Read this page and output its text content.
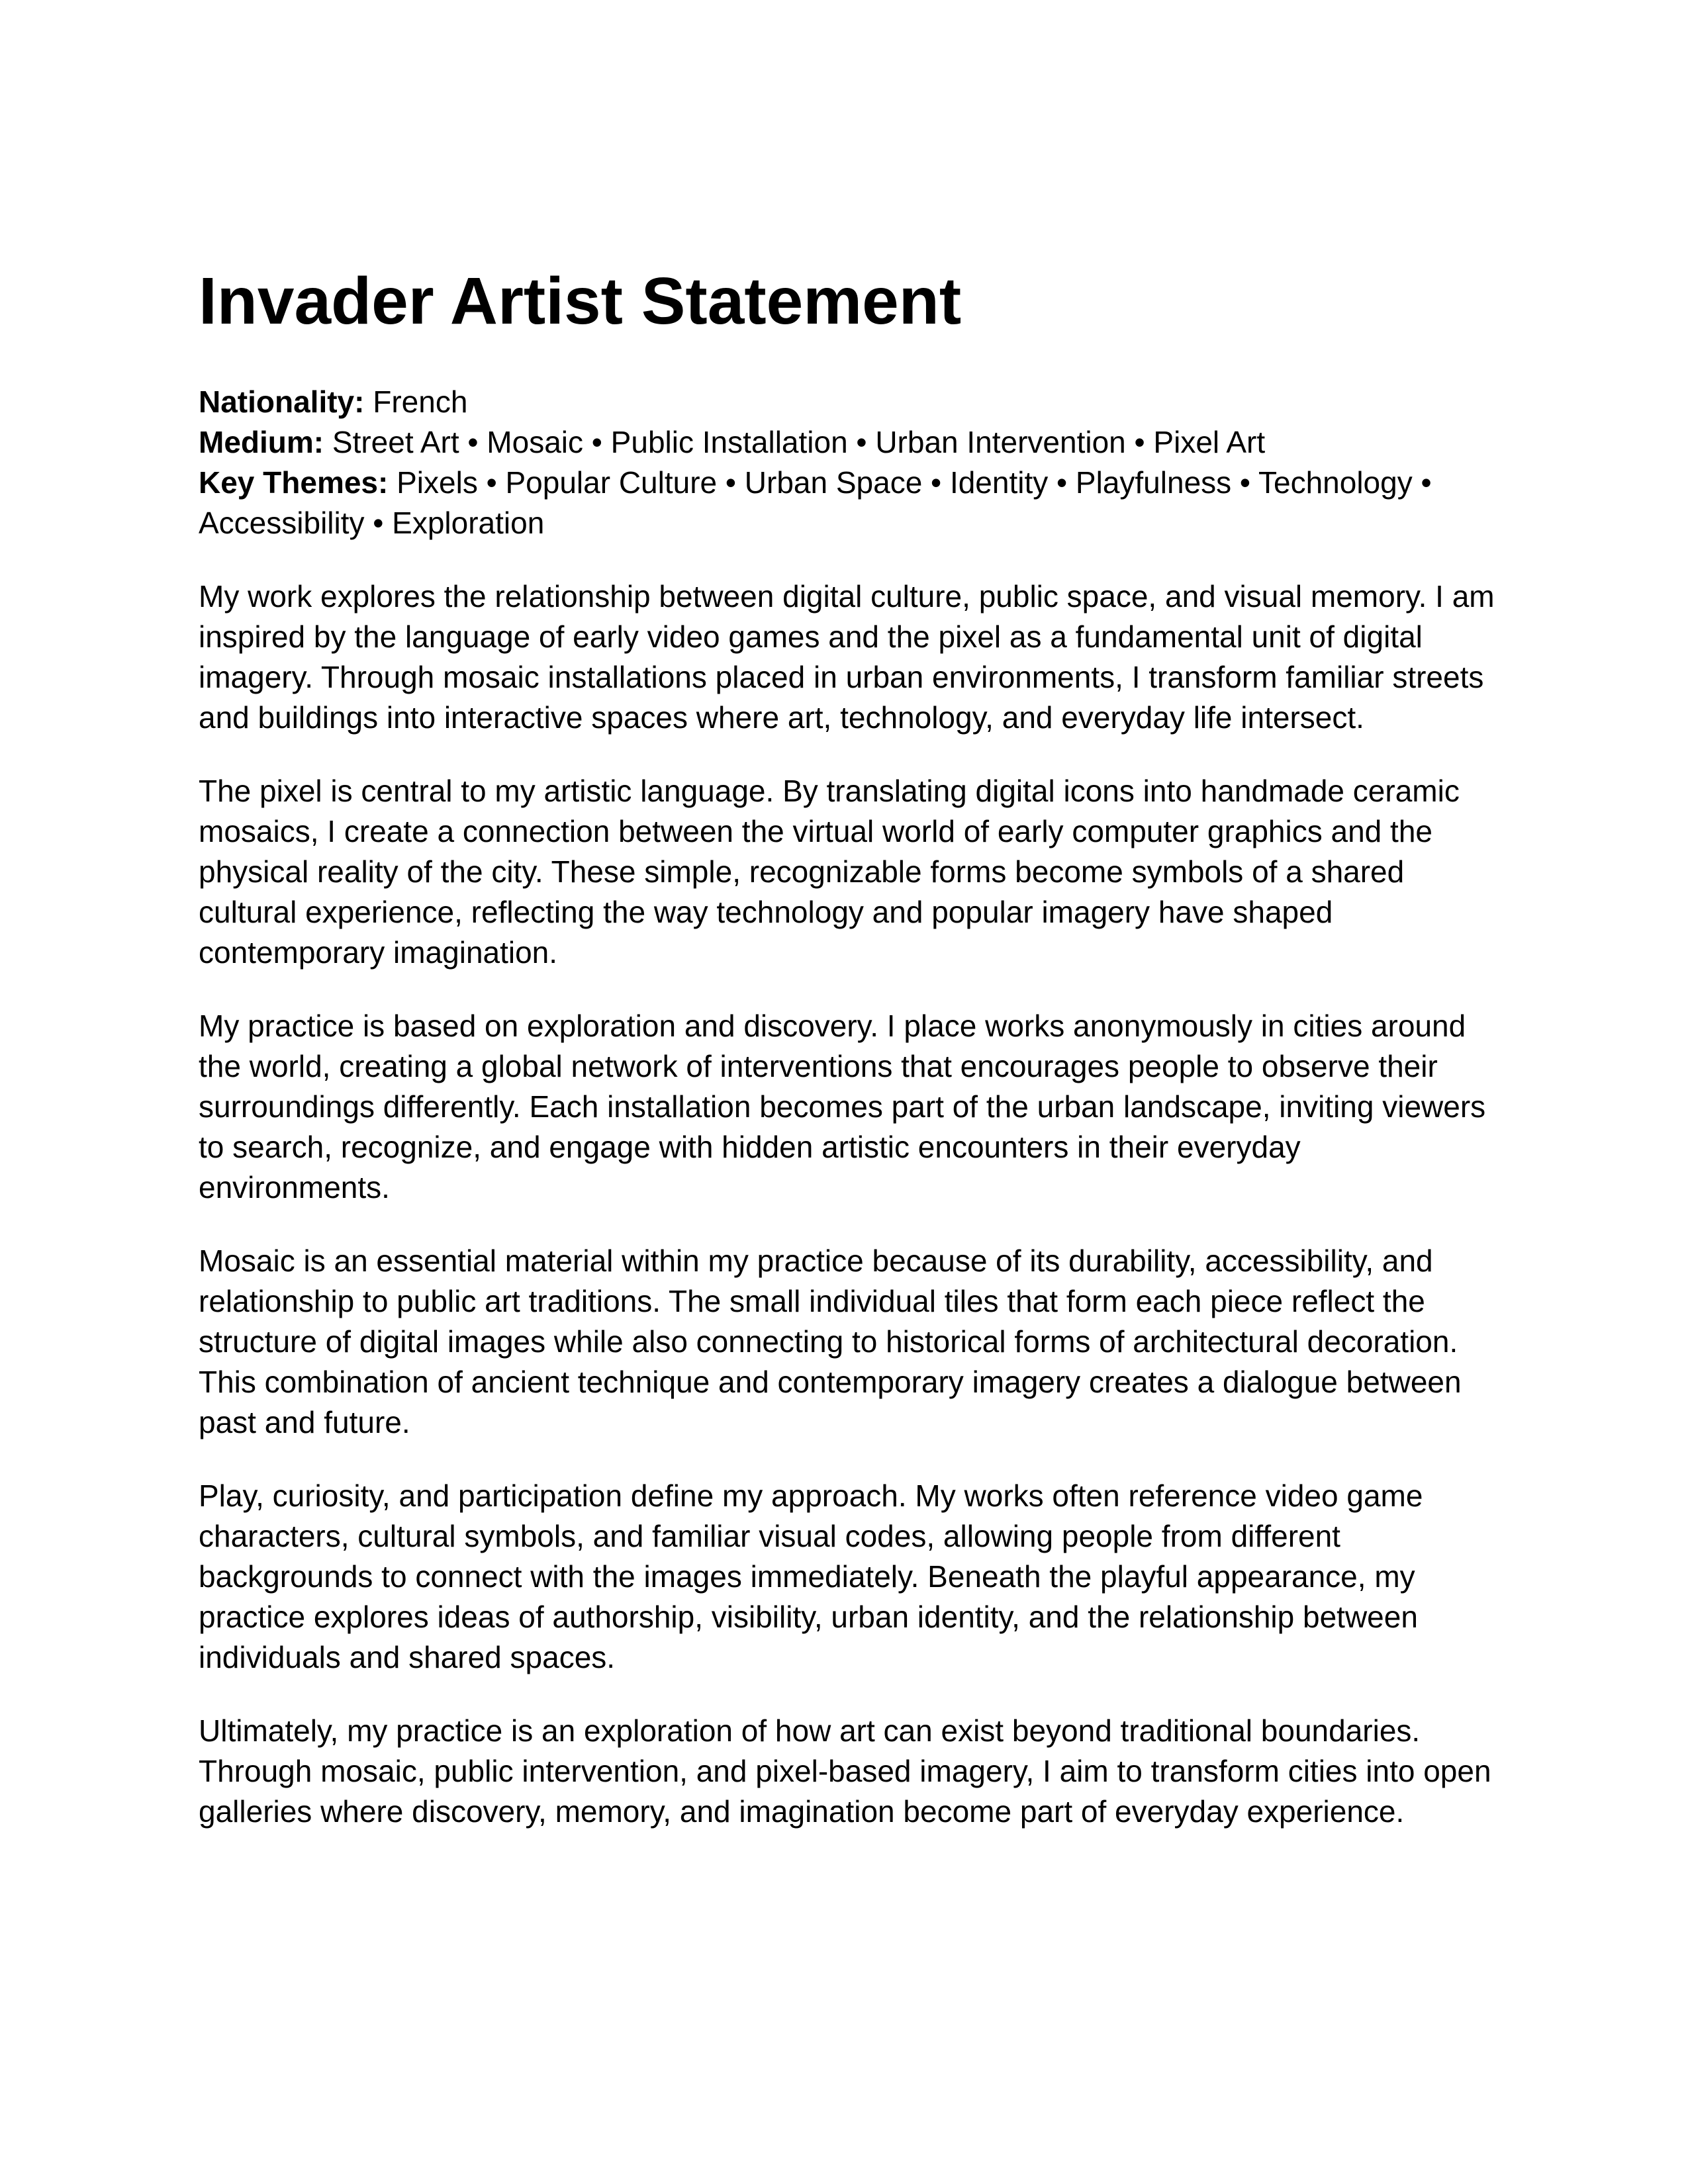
Invader Artist Statement

Nationality: French

Medium: Street Art • Mosaic • Public Installation • Urban Intervention • Pixel Art

Key Themes: Pixels • Popular Culture • Urban Space • Identity • Playfulness • Technology • Accessibility • Exploration

My work explores the relationship between digital culture, public space, and visual memory. I am inspired by the language of early video games and the pixel as a fundamental unit of digital imagery. Through mosaic installations placed in urban environments, I transform familiar streets and buildings into interactive spaces where art, technology, and everyday life intersect.

The pixel is central to my artistic language. By translating digital icons into handmade ceramic mosaics, I create a connection between the virtual world of early computer graphics and the physical reality of the city. These simple, recognizable forms become symbols of a shared cultural experience, reflecting the way technology and popular imagery have shaped contemporary imagination.

My practice is based on exploration and discovery. I place works anonymously in cities around the world, creating a global network of interventions that encourages people to observe their surroundings differently. Each installation becomes part of the urban landscape, inviting viewers to search, recognize, and engage with hidden artistic encounters in their everyday environments.

Mosaic is an essential material within my practice because of its durability, accessibility, and relationship to public art traditions. The small individual tiles that form each piece reflect the structure of digital images while also connecting to historical forms of architectural decoration. This combination of ancient technique and contemporary imagery creates a dialogue between past and future.

Play, curiosity, and participation define my approach. My works often reference video game characters, cultural symbols, and familiar visual codes, allowing people from different backgrounds to connect with the images immediately. Beneath the playful appearance, my practice explores ideas of authorship, visibility, urban identity, and the relationship between individuals and shared spaces.

Ultimately, my practice is an exploration of how art can exist beyond traditional boundaries. Through mosaic, public intervention, and pixel-based imagery, I aim to transform cities into open galleries where discovery, memory, and imagination become part of everyday experience.
